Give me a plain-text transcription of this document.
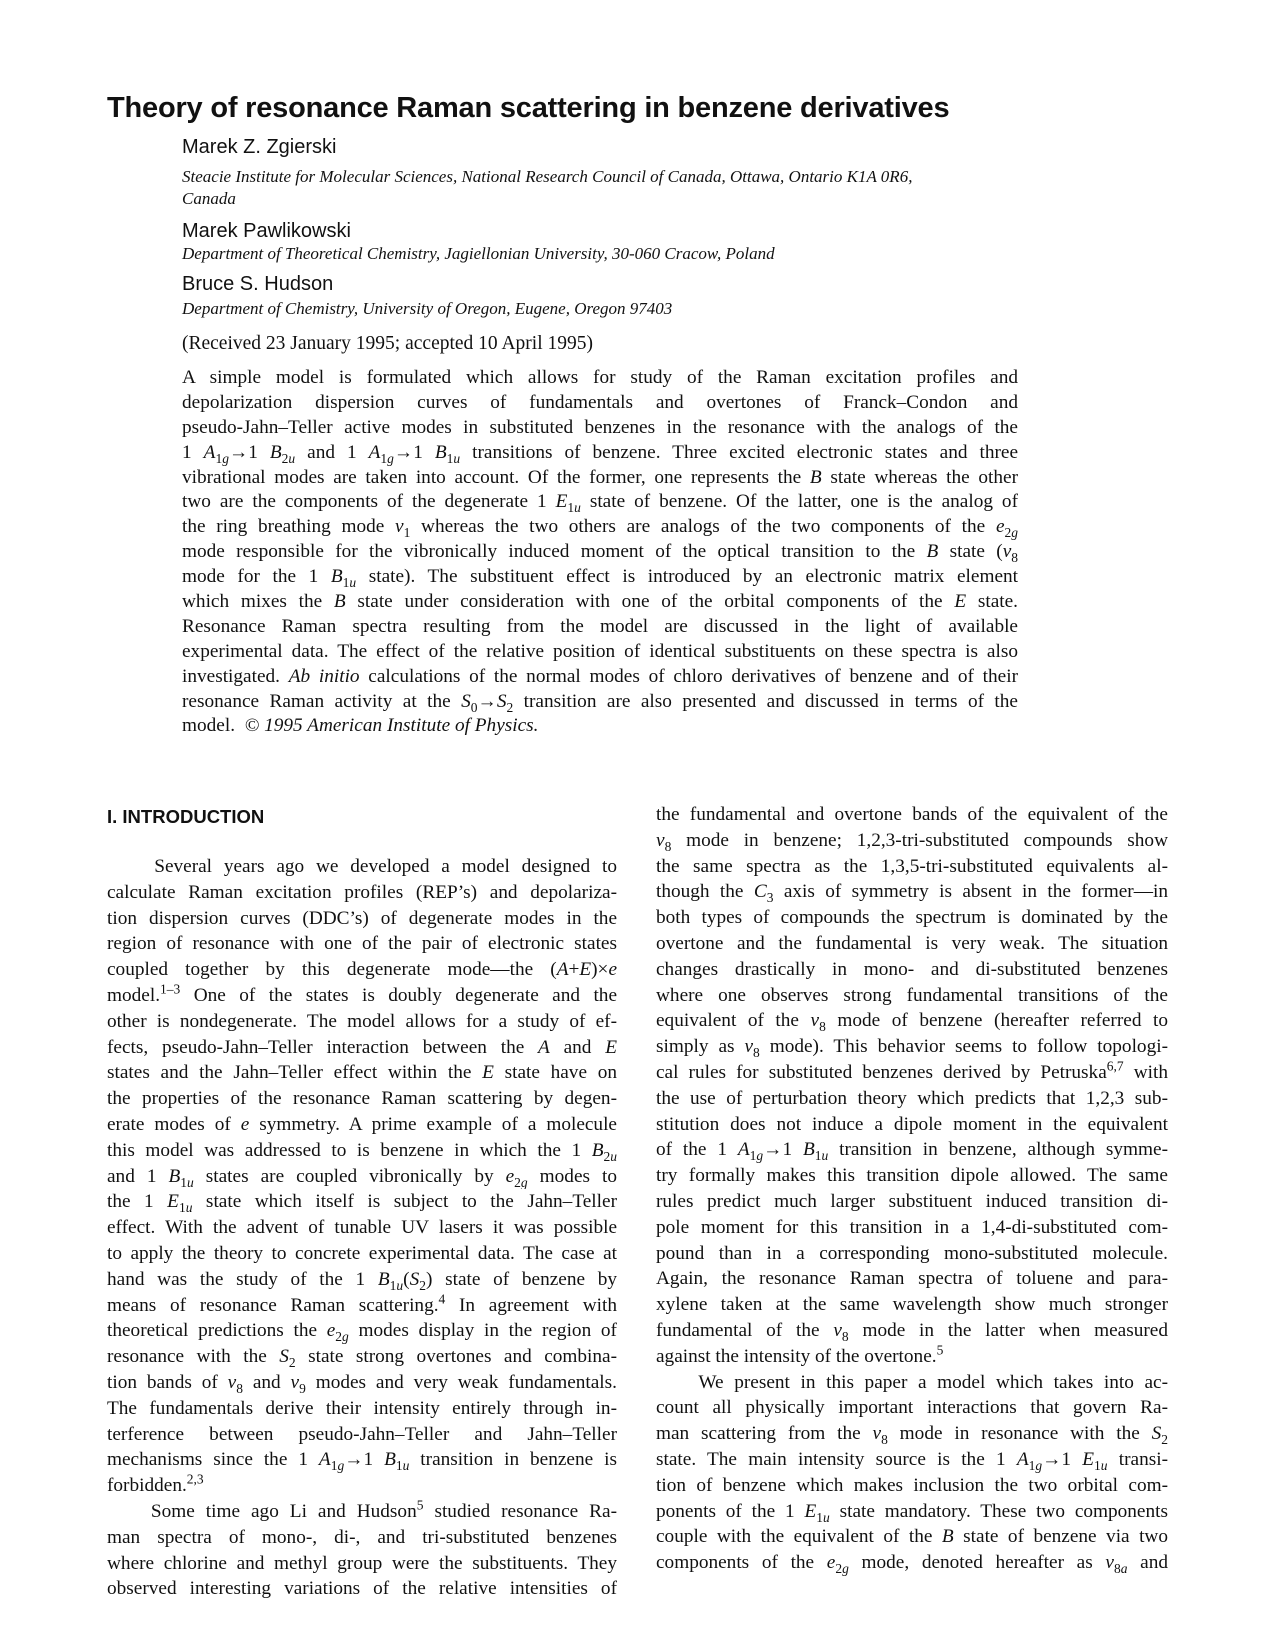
Theory of resonance Raman scattering in benzene derivatives

Marek Z. Zgierski

Steacie Institute for Molecular Sciences, National Research Council of Canada, Ottawa, Ontario K1A 0R6,
Canada

Marek Pawlikowski

Department of Theoretical Chemistry, Jagiellonian University, 30-060 Cracow, Poland

Bruce S. Hudson

Department of Chemistry, University of Oregon, Eugene, Oregon 97403

(Received 23 January 1995; accepted 10 April 1995)

A simple model is formulated which allows for study of the Raman excitation profiles and
depolarization dispersion curves of fundamentals and overtones of Franck–Condon and
pseudo-Jahn–Teller active modes in substituted benzenes in the resonance with the analogs of the
1 $A_{1g}\to 1$ $B_{2u}$ and 1 $A_{1g}\to 1$ $B_{1u}$ transitions of benzene. Three excited electronic states and three
vibrational modes are taken into account. Of the former, one represents the B state whereas the other
two are the components of the degenerate 1 $E_{1u}$ state of benzene. Of the latter, one is the analog of
the ring breathing mode $\nu_1$ whereas the two others are analogs of the two components of the $e_{2g}$
mode responsible for the vibronically induced moment of the optical transition to the B state ($\nu_8$
mode for the 1 $B_{1u}$ state). The substituent effect is introduced by an electronic matrix element
which mixes the B state under consideration with one of the orbital components of the E state.
Resonance Raman spectra resulting from the model are discussed in the light of available
experimental data. The effect of the relative position of identical substituents on these spectra is also
investigated. Ab initio calculations of the normal modes of chloro derivatives of benzene and of their
resonance Raman activity at the $S_0\to S_2$ transition are also presented and discussed in terms of the
model.  © 1995 American Institute of Physics.
I. INTRODUCTION
Several years ago we developed a model designed to
calculate Raman excitation profiles (REP’s) and depolariza-
tion dispersion curves (DDC’s) of degenerate modes in the
region of resonance with one of the pair of electronic states
coupled together by this degenerate mode—the (A+E)×e
model.$^{1-3}$ One of the states is doubly degenerate and the
other is nondegenerate. The model allows for a study of ef-
fects, pseudo-Jahn–Teller interaction between the A and E
states and the Jahn–Teller effect within the E state have on
the properties of the resonance Raman scattering by degen-
erate modes of e symmetry. A prime example of a molecule
this model was addressed to is benzene in which the 1 $B_{2u}$
and 1 $B_{1u}$ states are coupled vibronically by $e_{2g}$ modes to
the 1 $E_{1u}$ state which itself is subject to the Jahn–Teller
effect. With the advent of tunable UV lasers it was possible
to apply the theory to concrete experimental data. The case at
hand was the study of the 1 $B_{1u}(S_2)$ state of benzene by
means of resonance Raman scattering.$^4$ In agreement with
theoretical predictions the $e_{2g}$ modes display in the region of
resonance with the $S_2$ state strong overtones and combina-
tion bands of $\nu_8$ and $\nu_9$ modes and very weak fundamentals.
The fundamentals derive their intensity entirely through in-
terference between pseudo-Jahn–Teller and Jahn–Teller
mechanisms since the 1 $A_{1g}\to 1$ $B_{1u}$ transition in benzene is
forbidden.$^{2,3}$
Some time ago Li and Hudson$^5$ studied resonance Ra-
man spectra of mono-, di-, and tri-substituted benzenes
where chlorine and methyl group were the substituents. They
observed interesting variations of the relative intensities of
the fundamental and overtone bands of the equivalent of the
$\nu_8$ mode in benzene; 1,2,3-tri-substituted compounds show
the same spectra as the 1,3,5-tri-substituted equivalents al-
though the $C_3$ axis of symmetry is absent in the former—in
both types of compounds the spectrum is dominated by the
overtone and the fundamental is very weak. The situation
changes drastically in mono- and di-substituted benzenes
where one observes strong fundamental transitions of the
equivalent of the $\nu_8$ mode of benzene (hereafter referred to
simply as $\nu_8$ mode). This behavior seems to follow topologi-
cal rules for substituted benzenes derived by Petruska$^{6,7}$ with
the use of perturbation theory which predicts that 1,2,3 sub-
stitution does not induce a dipole moment in the equivalent
of the 1 $A_{1g}\to 1$ $B_{1u}$ transition in benzene, although symme-
try formally makes this transition dipole allowed. The same
rules predict much larger substituent induced transition di-
pole moment for this transition in a 1,4-di-substituted com-
pound than in a corresponding mono-substituted molecule.
Again, the resonance Raman spectra of toluene and para-
xylene taken at the same wavelength show much stronger
fundamental of the $\nu_8$ mode in the latter when measured
against the intensity of the overtone.$^5$
We present in this paper a model which takes into ac-
count all physically important interactions that govern Ra-
man scattering from the $\nu_8$ mode in resonance with the $S_2$
state. The main intensity source is the 1 $A_{1g}\to 1$ $E_{1u}$ transi-
tion of benzene which makes inclusion the two orbital com-
ponents of the 1 $E_{1u}$ state mandatory. These two components
couple with the equivalent of the B state of benzene via two
components of the $e_{2g}$ mode, denoted hereafter as $\nu_{8a}$ and
